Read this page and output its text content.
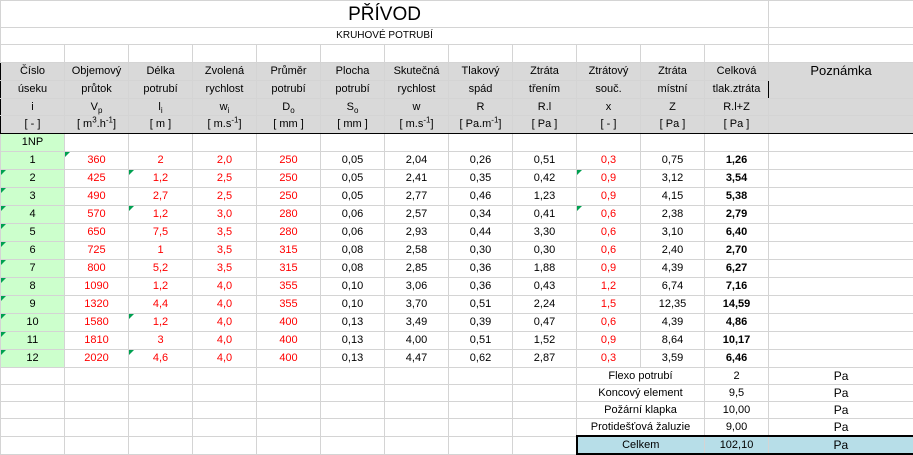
PŘÍVOD												
KRUHOVÉ POTRUBÍ												

Číslo	Objemový	Délka	Zvolená	Průměr	Plocha	Skutečná	Tlakový	Ztráta	Ztrátový	Ztráta	Celková	Poznámka
úseku	průtok	potrubí	rychlost	potrubí	potrubí	rychlost	spád	třením	souč.	místní	tlak.ztráta	
i	$V_p$	$l_i$	$w_i$	$D_o$	$S_o$	w	R	R.l	x	Z	R.l+Z	
[ - ]	[ $m^3.h^{-1}$]	[ m ]	[ $m.s^{-1}$]	[ mm ]	[ mm ]	[ $m.s^{-1}$]	[ $Pa.m^{-1}$]	[ Pa ]	[ - ]	[ Pa ]	[ Pa ]	
1NP												
1	360	2	2,0	250	0,05	2,04	0,26	0,51	0,3	0,75	1,26	
2	425	1,2	2,5	250	0,05	2,41	0,35	0,42	0,9	3,12	3,54	
3	490	2,7	2,5	250	0,05	2,77	0,46	1,23	0,9	4,15	5,38	
4	570	1,2	3,0	280	0,06	2,57	0,34	0,41	0,6	2,38	2,79	
5	650	7,5	3,5	280	0,06	2,93	0,44	3,30	0,6	3,10	6,40	
6	725	1	3,5	315	0,08	2,58	0,30	0,30	0,6	2,40	2,70	
7	800	5,2	3,5	315	0,08	2,85	0,36	1,88	0,9	4,39	6,27	
8	1090	1,2	4,0	355	0,10	3,06	0,36	0,43	1,2	6,74	7,16	
9	1320	4,4	4,0	355	0,10	3,70	0,51	2,24	1,5	12,35	14,59	
10	1580	1,2	4,0	400	0,13	3,49	0,39	0,47	0,6	4,39	4,86	
11	1810	3	4,0	400	0,13	4,00	0,51	1,52	0,9	8,64	10,17	
12	2020	4,6	4,0	400	0,13	4,47	0,62	2,87	0,3	3,59	6,46	
									Flexo potrubí		2	Pa
									Koncový element		9,5	Pa
									Požární klapka		10,00	Pa
									Protidešťová žaluzie		9,00	Pa
									Celkem		102,10	Pa
